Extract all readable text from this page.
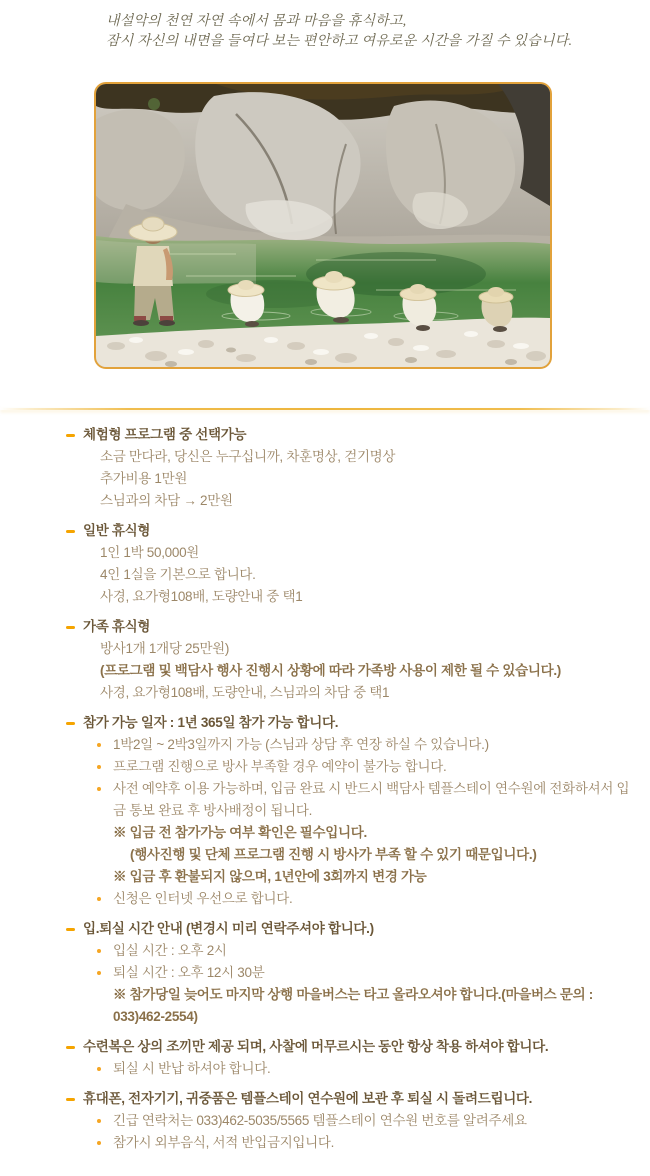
내설악의 천연 자연 속에서 몸과 마음을 휴식하고,
잠시 자신의 내면을 들여다 보는 편안하고 여유로운 시간을 가질 수 있습니다.
체험형 프로그램 중 선택가능
소금 만다라, 당신은 누구십니까, 차훈명상, 걷기명상
추가비용 1만원
스님과의 차담 → 2만원
일반 휴식형
1인 1박 50,000원
4인 1실을 기본으로 합니다.
사경, 요가형108배, 도량안내 중 택1
가족 휴식형
방사1개 1개당 25만원)
(프로그램 및 백담사 행사 진행시 상황에 따라 가족방 사용이 제한 될 수 있습니다.)
사경, 요가형108배, 도량안내, 스님과의 차담 중 택1
참가 가능 일자 : 1년 365일 참가 가능 합니다.
1박2일 ~ 2박3일까지 가능 (스님과 상담 후 연장 하실 수 있습니다.)
프로그램 진행으로 방사 부족할 경우 예약이 불가능 합니다.
사전 예약후 이용 가능하며, 입금 완료 시 반드시 백담사 템플스테이 연수원에 전화하셔서 입금 통보 완료 후 방사배정이 됩니다.
※ 입금 전 참가가능 여부 확인은 필수입니다.
(행사진행 및 단체 프로그램 진행 시 방사가 부족 할 수 있기 때문입니다.)
※ 입금 후 환불되지 않으며, 1년안에 3회까지 변경 가능
신청은 인터넷 우선으로 합니다.
입.퇴실 시간 안내 (변경시 미리 연락주셔야 합니다.)
입실 시간 : 오후 2시
퇴실 시간 : 오후 12시 30분
※ 참가당일 늦어도 마지막 상행 마을버스는 타고 올라오셔야 합니다.(마을버스 문의 : 033)462-2554)
수련복은 상의 조끼만 제공 되며, 사찰에 머무르시는 동안 항상 착용 하셔야 합니다.
퇴실 시 반납 하셔야 합니다.
휴대폰, 전자기기, 귀중품은 템플스테이 연수원에 보관 후 퇴실 시 돌려드립니다.
긴급 연락처는 033)462-5035/5565 템플스테이 연수원 번호를 알려주세요
참가시 외부음식, 서적 반입금지입니다.
